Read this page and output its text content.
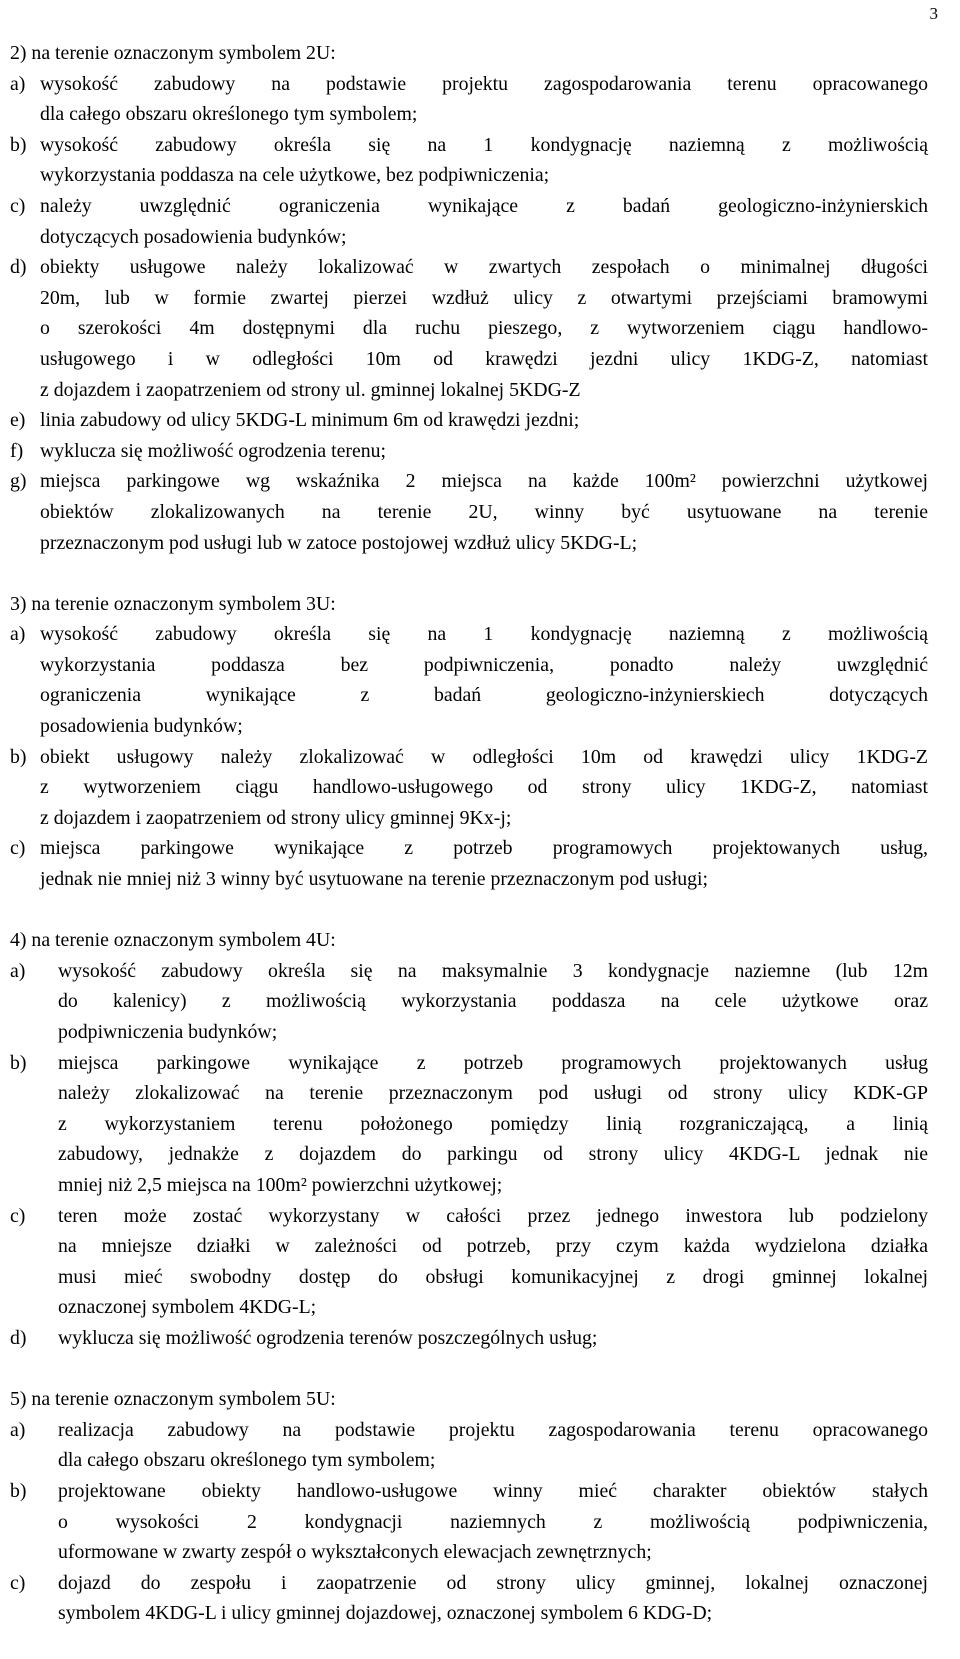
3
2) na terenie oznaczonym symbolem 2U:
a) wysokość zabudowy na podstawie projektu zagospodarowania terenu opracowanego
dla całego obszaru określonego tym symbolem;
b) wysokość zabudowy określa się na 1 kondygnację naziemną z możliwością
wykorzystania poddasza na cele użytkowe, bez podpiwniczenia;
c) należy uwzględnić ograniczenia wynikające z badań geologiczno-inżynierskich
dotyczących posadowienia budynków;
d) obiekty usługowe należy lokalizować w zwartych zespołach o minimalnej długości
20m, lub w formie zwartej pierzei wzdłuż ulicy z otwartymi przejściami bramowymi
o szerokości 4m dostępnymi dla ruchu pieszego, z wytworzeniem ciągu handlowo-
usługowego i w odległości 10m od krawędzi jezdni ulicy 1KDG-Z, natomiast
z dojazdem i zaopatrzeniem od strony ul. gminnej lokalnej 5KDG-Z
e) linia zabudowy od ulicy 5KDG-L minimum 6m od krawędzi jezdni;
f) wyklucza się możliwość ogrodzenia terenu;
g) miejsca parkingowe wg wskaźnika 2 miejsca na każde 100m² powierzchni użytkowej
obiektów zlokalizowanych na terenie 2U, winny być usytuowane na terenie
przeznaczonym pod usługi lub w zatoce postojowej wzdłuż ulicy 5KDG-L;
3) na terenie oznaczonym symbolem 3U:
a) wysokość zabudowy określa się na 1 kondygnację naziemną z możliwością
wykorzystania poddasza bez podpiwniczenia, ponadto należy uwzględnić
ograniczenia wynikające z badań geologiczno-inżynierskiech dotyczących
posadowienia budynków;
b) obiekt usługowy należy zlokalizować w odległości 10m od krawędzi ulicy 1KDG-Z
z wytworzeniem ciągu handlowo-usługowego od strony ulicy 1KDG-Z, natomiast
z dojazdem i zaopatrzeniem od strony ulicy gminnej 9Kx-j;
c) miejsca parkingowe wynikające z potrzeb programowych projektowanych usług,
jednak nie mniej niż 3 winny być usytuowane na terenie przeznaczonym pod usługi;
4) na terenie oznaczonym symbolem 4U:
a)	wysokość zabudowy określa się na maksymalnie 3 kondygnacje naziemne (lub 12m
do kalenicy) z możliwością wykorzystania poddasza na cele użytkowe oraz
podpiwniczenia budynków;
b)	miejsca parkingowe wynikające z potrzeb programowych projektowanych usług
należy zlokalizować na terenie przeznaczonym pod usługi od strony ulicy KDK-GP
z wykorzystaniem terenu położonego pomiędzy linią rozgraniczającą, a linią
zabudowy, jednakże z dojazdem do parkingu od strony ulicy 4KDG-L jednak nie
mniej niż 2,5 miejsca na 100m² powierzchni użytkowej;
c)	teren może zostać wykorzystany w całości przez jednego inwestora lub podzielony
na mniejsze działki w zależności od potrzeb, przy czym każda wydzielona działka
musi mieć swobodny dostęp do obsługi komunikacyjnej z drogi gminnej lokalnej
oznaczonej symbolem 4KDG-L;
d)	wyklucza się możliwość ogrodzenia terenów poszczególnych usług;
5) na terenie oznaczonym symbolem 5U:
a)	realizacja zabudowy na podstawie projektu zagospodarowania terenu opracowanego
dla całego obszaru określonego tym symbolem;
b)	projektowane obiekty handlowo-usługowe winny mieć charakter obiektów stałych
o wysokości 2 kondygnacji naziemnych z możliwością podpiwniczenia,
uformowane w zwarty zespół o wykształconych elewacjach zewnętrznych;
c)	dojazd do zespołu i zaopatrzenie od strony ulicy gminnej, lokalnej oznaczonej
symbolem 4KDG-L i ulicy gminnej dojazdowej, oznaczonej symbolem 6 KDG-D;
